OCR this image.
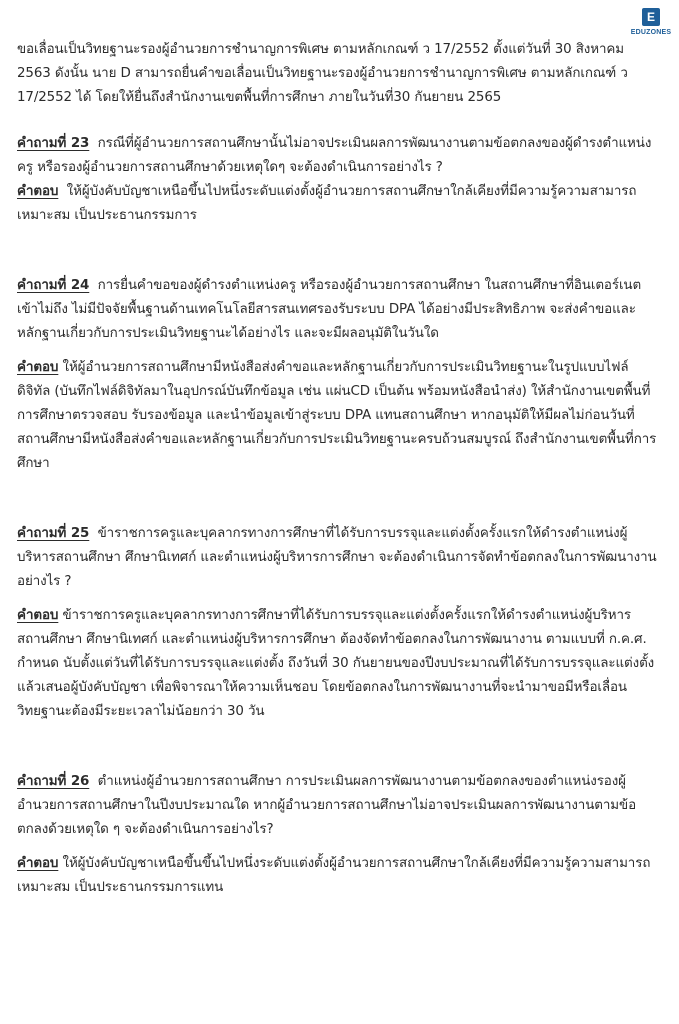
E
EDUZONES

ขอเลื่อนเป็นวิทยฐานะรองผู้อำนวยการชำนาญการพิเศษ ตามหลักเกณฑ์ ว 17/2552 ตั้งแต่วันที่ 30 สิงหาคม 2563 ดังนั้น นาย D สามารถยื่นคำขอเลื่อนเป็นวิทยฐานะรองผู้อำนวยการชำนาญการพิเศษ ตามหลักเกณฑ์ ว 17/2552 ได้ โดยให้ยื่นถึงสำนักงานเขตพื้นที่การศึกษา ภายในวันที่30 กันยายน 2565

คำถามที่ 23 กรณีที่ผู้อำนวยการสถานศึกษานั้นไม่อาจประเมินผลการพัฒนางานตามข้อตกลงของผู้ดำรงตำแหน่งครู หรือรองผู้อำนวยการสถานศึกษาด้วยเหตุใดๆ จะต้องดำเนินการอย่างไร ?

คำตอบ ให้ผู้บังคับบัญชาเหนือขึ้นไปหนึ่งระดับแต่งตั้งผู้อำนวยการสถานศึกษาใกล้เคียงที่มีความรู้ความสามารถเหมาะสม เป็นประธานกรรมการ

คำถามที่ 24 การยื่นคำขอของผู้ดำรงตำแหน่งครู หรือรองผู้อำนวยการสถานศึกษา ในสถานศึกษาที่อินเตอร์เนตเข้าไม่ถึง ไม่มีปัจจัยพื้นฐานด้านเทคโนโลยีสารสนเทศรองรับระบบ DPA ได้อย่างมีประสิทธิภาพ จะส่งคำขอและหลักฐานเกี่ยวกับการประเมินวิทยฐานะได้อย่างไร และจะมีผลอนุมัติในวันใด

คำตอบ ให้ผู้อำนวยการสถานศึกษามีหนังสือส่งคำขอและหลักฐานเกี่ยวกับการประเมินวิทยฐานะในรูปแบบไฟล์ดิจิทัล (บันทึกไฟล์ดิจิทัลมาในอุปกรณ์บันทึกข้อมูล เช่น แผ่นCD เป็นต้น พร้อมหนังสือนำส่ง) ให้สำนักงานเขตพื้นที่การศึกษาตรวจสอบ รับรองข้อมูล และนำข้อมูลเข้าสู่ระบบ DPA แทนสถานศึกษา หากอนุมัติให้มีผลไม่ก่อนวันที่สถานศึกษามีหนังสือส่งคำขอและหลักฐานเกี่ยวกับการประเมินวิทยฐานะครบถ้วนสมบูรณ์ ถึงสำนักงานเขตพื้นที่การศึกษา

คำถามที่ 25 ข้าราชการครูและบุคลากรทางการศึกษาที่ได้รับการบรรจุและแต่งตั้งครั้งแรกให้ดำรงตำแหน่งผู้บริหารสถานศึกษา ศึกษานิเทศก์ และตำแหน่งผู้บริหารการศึกษา จะต้องดำเนินการจัดทำข้อตกลงในการพัฒนางานอย่างไร ?

คำตอบ ข้าราชการครูและบุคลากรทางการศึกษาที่ได้รับการบรรจุและแต่งตั้งครั้งแรกให้ดำรงตำแหน่งผู้บริหารสถานศึกษา ศึกษานิเทศก์ และตำแหน่งผู้บริหารการศึกษา ต้องจัดทำข้อตกลงในการพัฒนางาน ตามแบบที่ ก.ค.ศ. กำหนด นับตั้งแต่วันที่ได้รับการบรรจุและแต่งตั้ง ถึงวันที่ 30 กันยายนของปีงบประมาณที่ได้รับการบรรจุและแต่งตั้งแล้วเสนอผู้บังคับบัญชา เพื่อพิจารณาให้ความเห็นชอบ โดยข้อตกลงในการพัฒนางานที่จะนำมาขอมีหรือเลื่อนวิทยฐานะต้องมีระยะเวลาไม่น้อยกว่า 30 วัน

คำถามที่ 26 ตำแหน่งผู้อำนวยการสถานศึกษา การประเมินผลการพัฒนางานตามข้อตกลงของตำแหน่งรองผู้อำนวยการสถานศึกษาในปีงบประมาณใด หากผู้อำนวยการสถานศึกษาไม่อาจประเมินผลการพัฒนางานตามข้อตกลงด้วยเหตุใด ๆ จะต้องดำเนินการอย่างไร?

คำตอบ ให้ผู้บังคับบัญชาเหนือขึ้นขึ้นไปหนึ่งระดับแต่งตั้งผู้อำนวยการสถานศึกษาใกล้เคียงที่มีความรู้ความสามารถเหมาะสม เป็นประธานกรรมการแทน
